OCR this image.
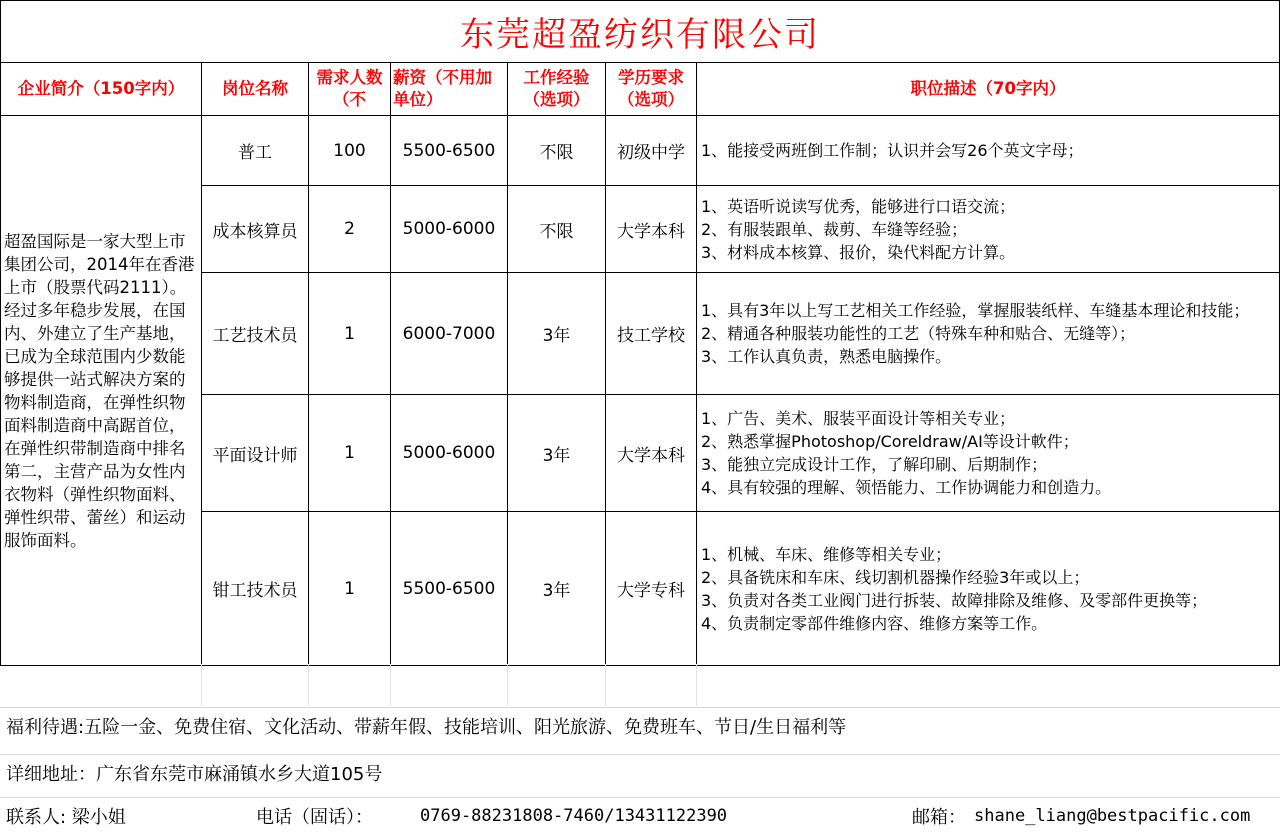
东莞超盈纺织有限公司
企业简介（150字内）	岗位名称	需求人数（不	薪资（不用加单位）	工作经验（选项）	学历要求（选项）	职位描述（70字内）
超盈国际是一家大型上市集团公司，2014年在香港上市（股票代码2111）。经过多年稳步发展，在国内、外建立了生产基地，已成为全球范围内少数能够提供一站式解决方案的物料制造商，在弹性织物面料制造商中高踞首位，在弹性织带制造商中排名第二，主营产品为女性内衣物料（弹性织物面料、弹性织带、蕾丝）和运动服饰面料。	普工	100	5500-6500	不限	初级中学	1、能接受两班倒工作制；认识并会写26个英文字母；

	成本核算员	2	5000-6000	不限	大学本科	1、英语听说读写优秀，能够进行口语交流；
2、有服装跟单、裁剪、车缝等经验；
3、材料成本核算、报价，染代料配方计算。

	工艺技术员	1	6000-7000	3年	技工学校	1、具有3年以上写工艺相关工作经验，掌握服装纸样、车缝基本理论和技能；
2、精通各种服装功能性的工艺（特殊车种和贴合、无缝等）；
3、工作认真负责，熟悉电脑操作。

	平面设计师	1	5000-6000	3年	大学本科	1、广告、美术、服装平面设计等相关专业；
2、熟悉掌握Photoshop/Coreldraw/AI等设计軟件；
3、能独立完成设计工作，了解印刷、后期制作；
4、具有较强的理解、领悟能力、工作协调能力和创造力。

	钳工技术员	1	5500-6500	3年	大学专科	1、机械、车床、维修等相关专业；
2、具备铣床和车床、线切割机器操作经验3年或以上；
3、负责对各类工业阀门进行拆装、故障排除及维修、及零部件更换等；
4、负责制定零部件维修内容、维修方案等工作。
福利待遇:五险一金、免费住宿、文化活动、带薪年假、技能培训、阳光旅游、免费班车、节日/生日福利等
详细地址：广东省东莞市麻涌镇水乡大道105号
联系人: 梁小姐	电话（固话）：	0769-88231808-7460/13431122390	邮箱： shane_liang@bestpacific.com
